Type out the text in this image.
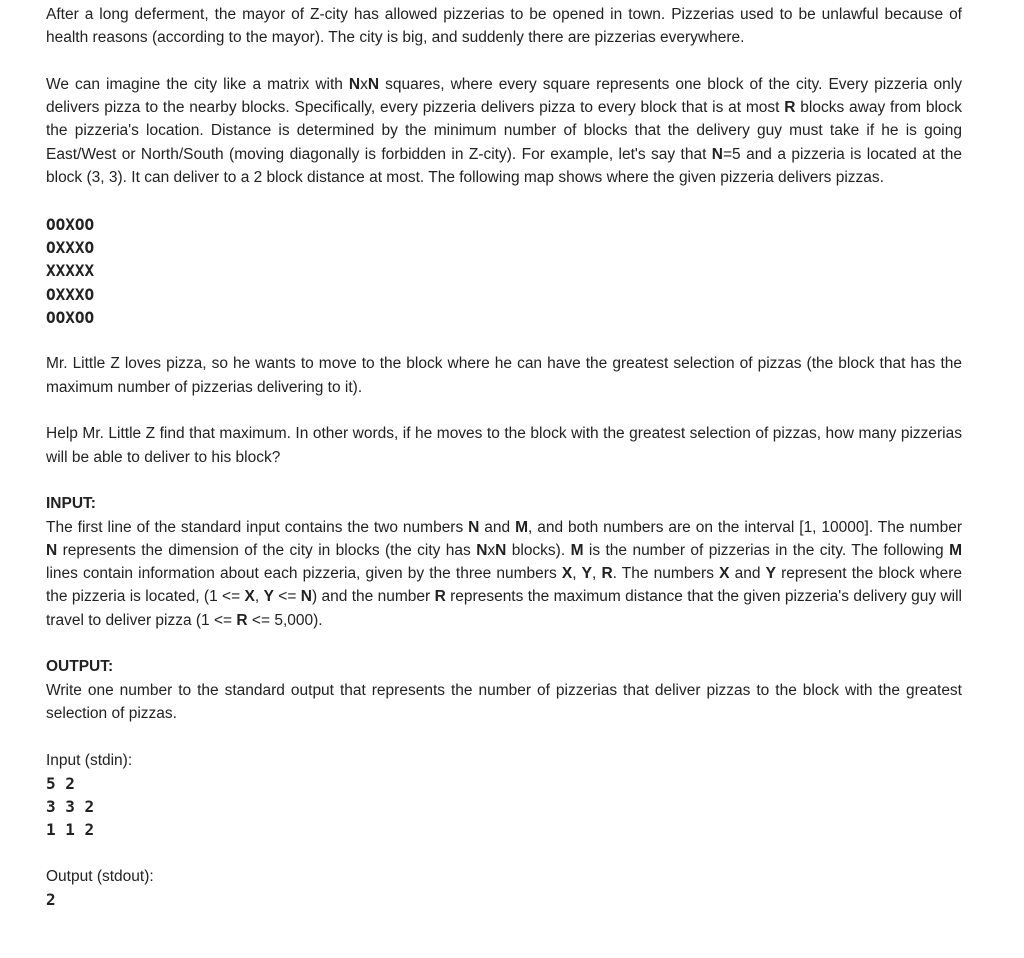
After a long deferment, the mayor of Z-city has allowed pizzerias to be opened in town. Pizzerias used to be unlawful because of health reasons (according to the mayor). The city is big, and suddenly there are pizzerias everywhere.

We can imagine the city like a matrix with NxN squares, where every square represents one block of the city. Every pizzeria only delivers pizza to the nearby blocks. Specifically, every pizzeria delivers pizza to every block that is at most R blocks away from block the pizzeria's location. Distance is determined by the minimum number of blocks that the delivery guy must take if he is going East/West or North/South (moving diagonally is forbidden in Z-city). For example, let's say that N=5 and a pizzeria is located at the block (3, 3). It can deliver to a 2 block distance at most. The following map shows where the given pizzeria delivers pizzas.

OOXOO
OXXXO
XXXXX
OXXXO
OOXOO

Mr. Little Z loves pizza, so he wants to move to the block where he can have the greatest selection of pizzas (the block that has the maximum number of pizzerias delivering to it).

Help Mr. Little Z find that maximum. In other words, if he moves to the block with the greatest selection of pizzas, how many pizzerias will be able to deliver to his block?

INPUT:

The first line of the standard input contains the two numbers N and M, and both numbers are on the interval [1, 10000]. The number N represents the dimension of the city in blocks (the city has NxN blocks). M is the number of pizzerias in the city. The following M lines contain information about each pizzeria, given by the three numbers X, Y, R. The numbers X and Y represent the block where the pizzeria is located, (1 <= X, Y <= N) and the number R represents the maximum distance that the given pizzeria's delivery guy will travel to deliver pizza (1 <= R <= 5,000).

OUTPUT:

Write one number to the standard output that represents the number of pizzerias that deliver pizzas to the block with the greatest selection of pizzas.

Input (stdin):

5 2
3 3 2
1 1 2

Output (stdout):

2
